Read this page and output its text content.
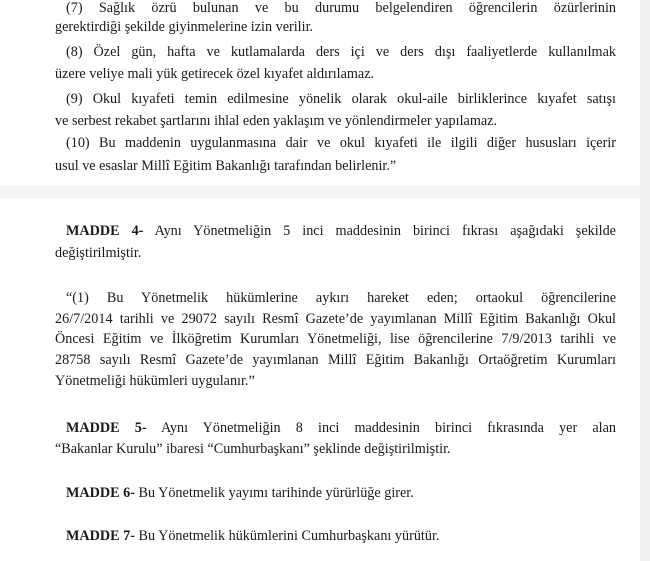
(7) Sağlık özrü bulunan ve bu durumu belgelendiren öğrencilerin özürlerinin
gerektirdiği şekilde giyinmelerine izin verilir.
(8) Özel gün, hafta ve kutlamalarda ders içi ve ders dışı faaliyetlerde kullanılmak
üzere veliye mali yük getirecek özel kıyafet aldırılamaz.
(9) Okul kıyafeti temin edilmesine yönelik olarak okul-aile birliklerince kıyafet satışı
ve serbest rekabet şartlarını ihlal eden yaklaşım ve yönlendirmeler yapılamaz.
(10) Bu maddenin uygulanmasına dair ve okul kıyafeti ile ilgili diğer hususları içerir
usul ve esaslar Millî Eğitim Bakanlığı tarafından belirlenir.”
MADDE 4- Aynı Yönetmeliğin 5 inci maddesinin birinci fıkrası aşağıdaki şekilde
değiştirilmiştir.
“(1) Bu Yönetmelik hükümlerine aykırı hareket eden; ortaokul öğrencilerine
26/7/2014 tarihli ve 29072 sayılı Resmî Gazete’de yayımlanan Millî Eğitim Bakanlığı Okul
Öncesi Eğitim ve İlköğretim Kurumları Yönetmeliği, lise öğrencilerine 7/9/2013 tarihli ve
28758 sayılı Resmî Gazete’de yayımlanan Millî Eğitim Bakanlığı Ortaöğretim Kurumları
Yönetmeliği hükümleri uygulanır.”
MADDE 5- Aynı Yönetmeliğin 8 inci maddesinin birinci fıkrasında yer alan
“Bakanlar Kurulu” ibaresi “Cumhurbaşkanı” şeklinde değiştirilmiştir.
MADDE 6- Bu Yönetmelik yayımı tarihinde yürürlüğe girer.
MADDE 7- Bu Yönetmelik hükümlerini Cumhurbaşkanı yürütür.
